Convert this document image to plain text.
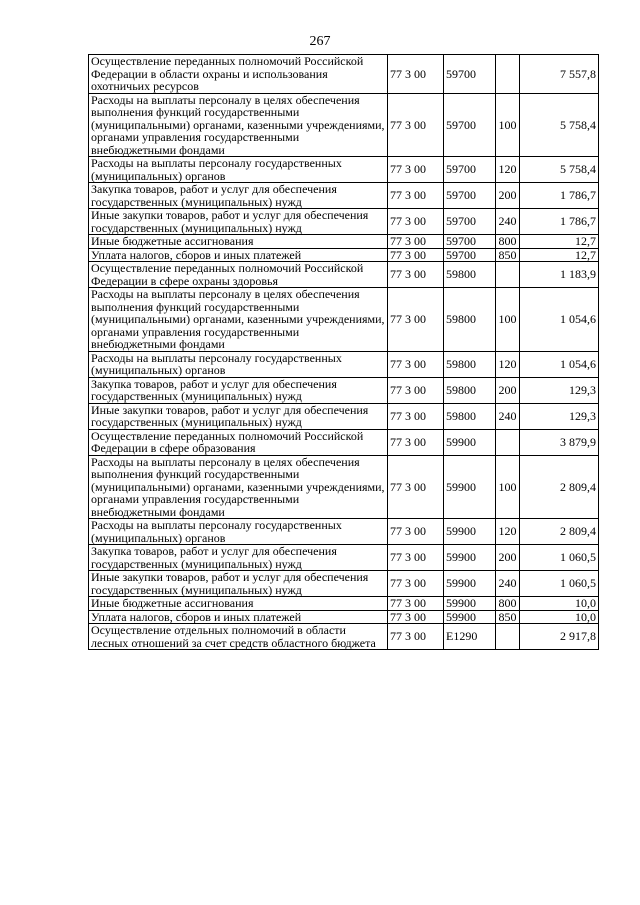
267
Осуществление переданных полномочий Российской Федерации в области охраны и использования охотничьих ресурсов	77 3 00	59700		7 557,8
Расходы на выплаты персоналу в целях обеспечения выполнения функций государственными (муниципальными) органами, казенными учреждениями, органами управления государственными внебюджетными фондами	77 3 00	59700	100	5 758,4
Расходы на выплаты персоналу государственных (муниципальных) органов	77 3 00	59700	120	5 758,4
Закупка товаров, работ и услуг для обеспечения государственных (муниципальных) нужд	77 3 00	59700	200	1 786,7
Иные закупки товаров, работ и услуг для обеспечения государственных (муниципальных) нужд	77 3 00	59700	240	1 786,7
Иные бюджетные ассигнования	77 3 00	59700	800	12,7
Уплата налогов, сборов и иных платежей	77 3 00	59700	850	12,7
Осуществление переданных полномочий Российской Федерации в сфере охраны здоровья	77 3 00	59800		1 183,9
Расходы на выплаты персоналу в целях обеспечения выполнения функций государственными (муниципальными) органами, казенными учреждениями, органами управления государственными внебюджетными фондами	77 3 00	59800	100	1 054,6
Расходы на выплаты персоналу государственных (муниципальных) органов	77 3 00	59800	120	1 054,6
Закупка товаров, работ и услуг для обеспечения государственных (муниципальных) нужд	77 3 00	59800	200	129,3
Иные закупки товаров, работ и услуг для обеспечения государственных (муниципальных) нужд	77 3 00	59800	240	129,3
Осуществление переданных полномочий Российской Федерации в сфере образования	77 3 00	59900		3 879,9
Расходы на выплаты персоналу в целях обеспечения выполнения функций государственными (муниципальными) органами, казенными учреждениями, органами управления государственными внебюджетными фондами	77 3 00	59900	100	2 809,4
Расходы на выплаты персоналу государственных (муниципальных) органов	77 3 00	59900	120	2 809,4
Закупка товаров, работ и услуг для обеспечения государственных (муниципальных) нужд	77 3 00	59900	200	1 060,5
Иные закупки товаров, работ и услуг для обеспечения государственных (муниципальных) нужд	77 3 00	59900	240	1 060,5
Иные бюджетные ассигнования	77 3 00	59900	800	10,0
Уплата налогов, сборов и иных платежей	77 3 00	59900	850	10,0
Осуществление отдельных полномочий в области лесных отношений за счет средств областного бюджета	77 3 00	Е1290		2 917,8
